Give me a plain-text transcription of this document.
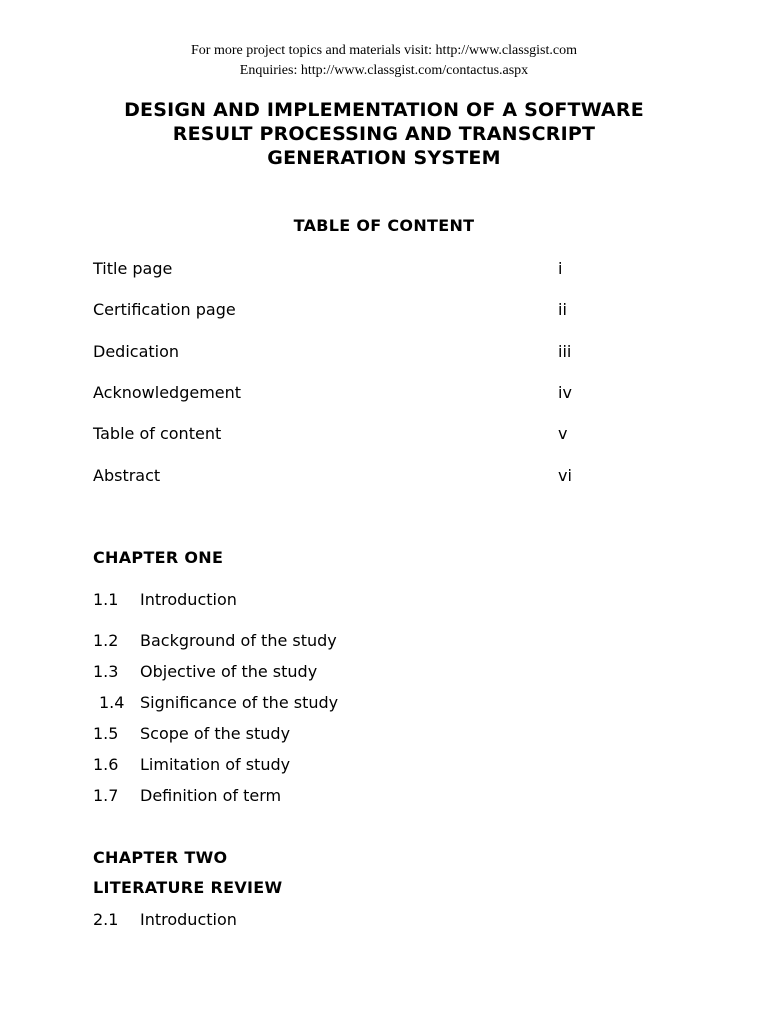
For more project topics and materials visit: http://www.classgist.com
Enquiries: http://www.classgist.com/contactus.aspx
DESIGN AND IMPLEMENTATION OF A SOFTWARE
RESULT PROCESSING AND TRANSCRIPT
GENERATION SYSTEM
TABLE OF CONTENT
Title page	i
Certification page	ii
Dedication	iii
Acknowledgement	iv
Table of content	v
Abstract	vi
CHAPTER ONE
1.1 Introduction
1.2 Background of the study
1.3 Objective of the study
1.4 Significance of the study
1.5 Scope of the study
1.6 Limitation of study
1.7 Definition of term
CHAPTER TWO
LITERATURE REVIEW
2.1 Introduction
